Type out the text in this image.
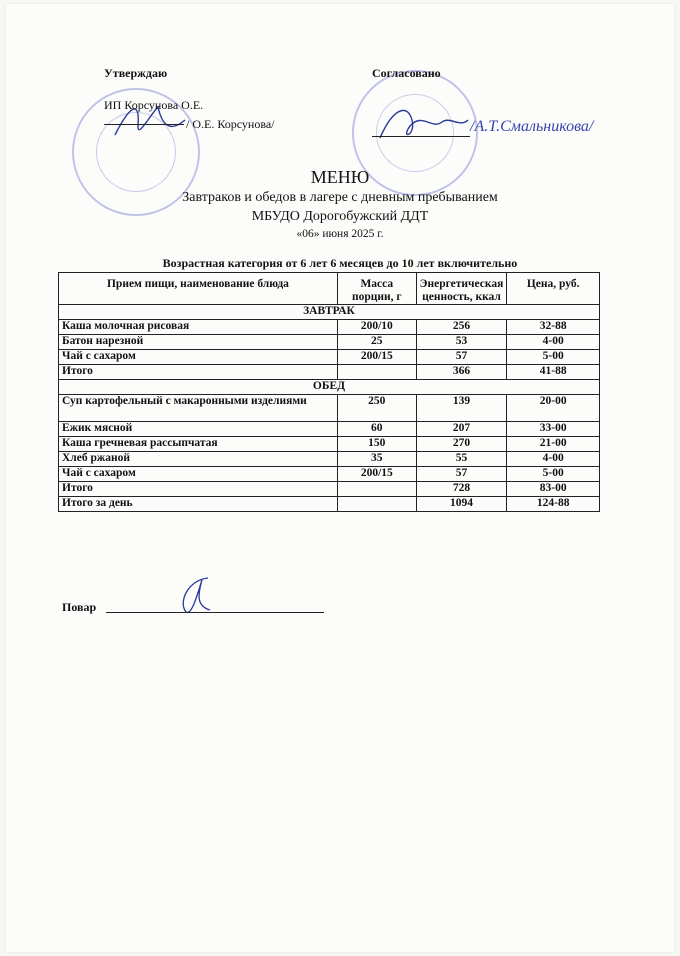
Утверждаю
ИП Корсунова О.Е.
/ О.Е. Корсунова/
Согласовано
/А.Т.Смальникова/
МЕНЮ
Завтраков и обедов в лагере с дневным пребыванием
МБУДО Дорогобужский ДДТ
«06» июня 2025 г.
Возрастная категория от 6 лет 6 месяцев до 10 лет включительно
Прием пищи, наименование блюда	Масса порции, г	Энергетическая ценность, ккал	Цена, руб.
ЗАВТРАК			
Каша молочная рисовая	200/10	256	32-88
Батон нарезной	25	53	4-00
Чай с сахаром	200/15	57	5-00
Итого		366	41-88
ОБЕД			
Суп картофельный с макаронными изделиями	250	139	20-00
Ежик мясной	60	207	33-00
Каша гречневая рассыпчатая	150	270	21-00
Хлеб ржаной	35	55	4-00
Чай с сахаром	200/15	57	5-00
Итого		728	83-00
Итого за день		1094	124-88
Повар
